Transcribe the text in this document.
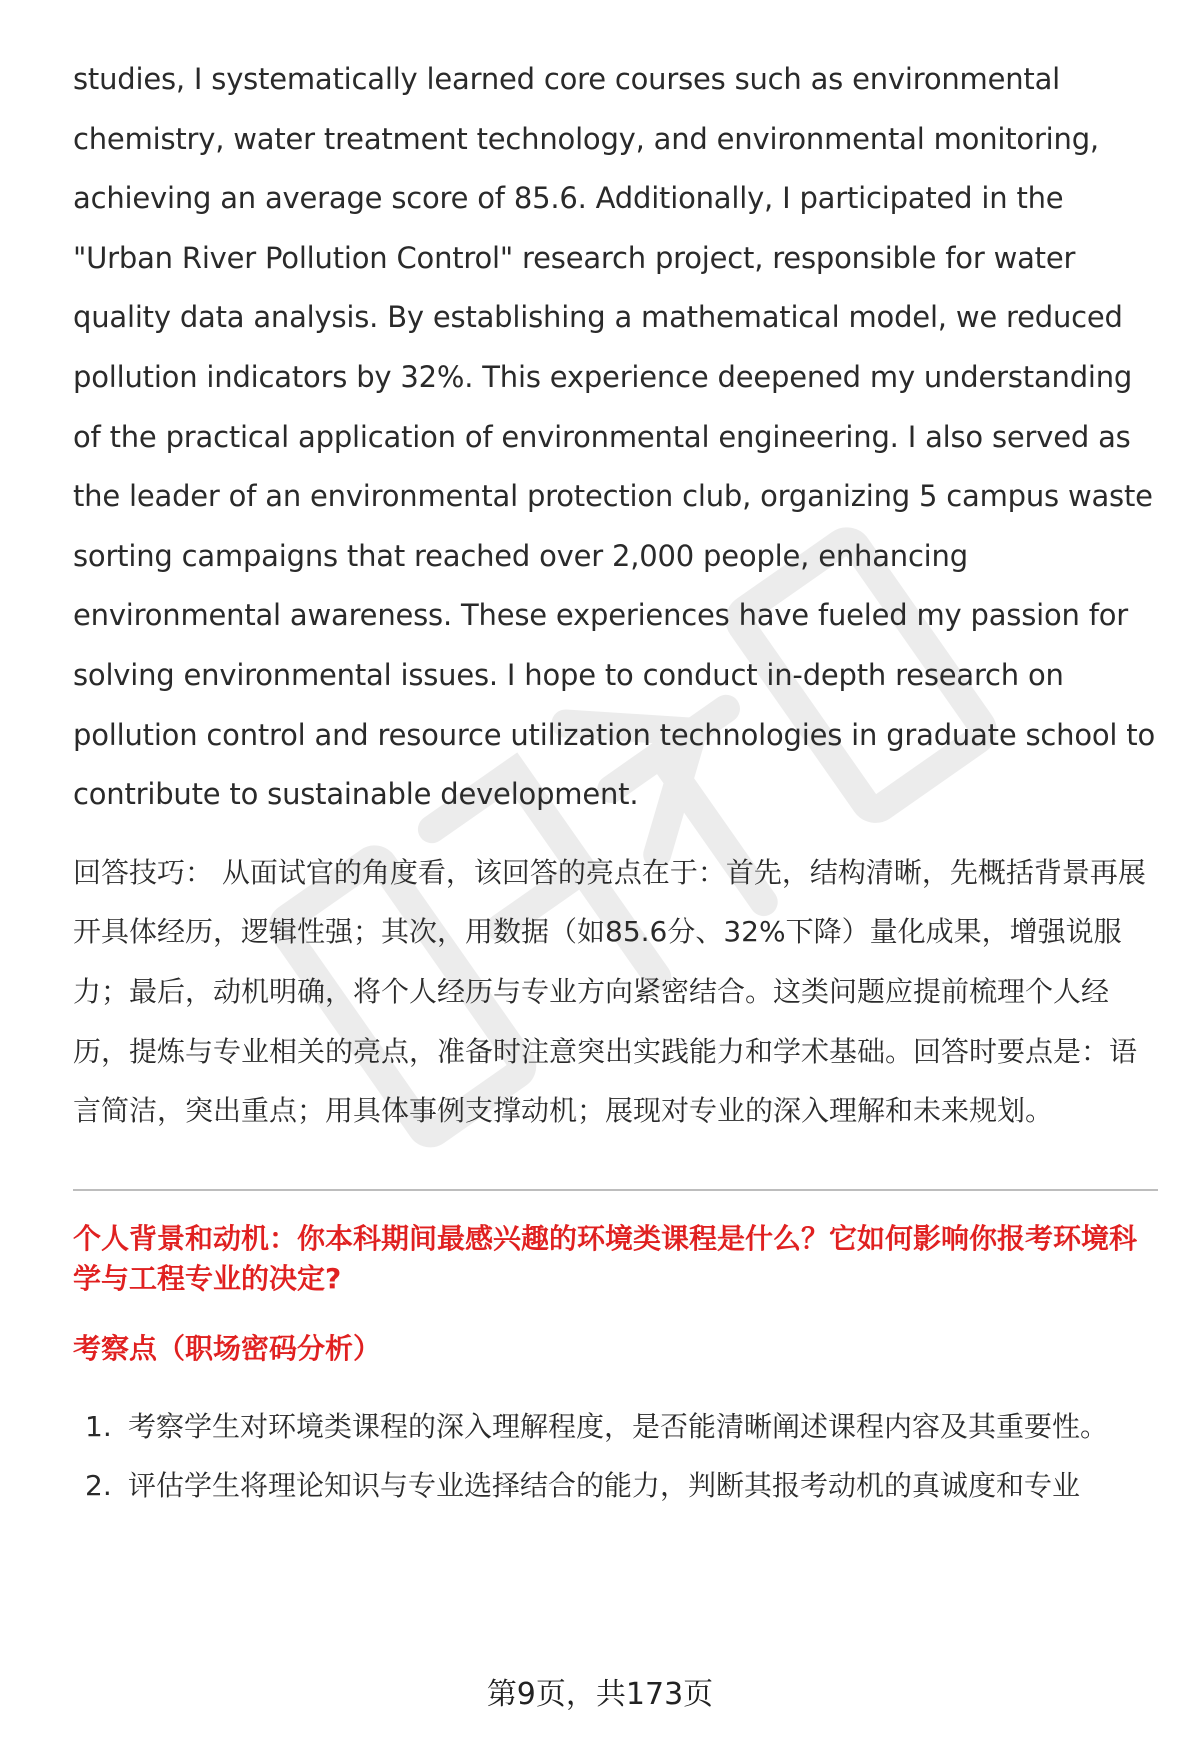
studies, I systematically learned core courses such as environmental chemistry, water treatment technology, and environmental monitoring, achieving an average score of 85.6. Additionally, I participated in the "Urban River Pollution Control" research project, responsible for water quality data analysis. By establishing a mathematical model, we reduced pollution indicators by 32%. This experience deepened my understanding of the practical application of environmental engineering. I also served as the leader of an environmental protection club, organizing 5 campus waste sorting campaigns that reached over 2,000 people, enhancing environmental awareness. These experiences have fueled my passion for solving environmental issues. I hope to conduct in-depth research on pollution control and resource utilization technologies in graduate school to contribute to sustainable development.

回答技巧： 从面试官的角度看，该回答的亮点在于：首先，结构清晰，先概括背景再展开具体经历，逻辑性强；其次，用数据（如85.6分、32%下降）量化成果，增强说服力；最后，动机明确，将个人经历与专业方向紧密结合。这类问题应提前梳理个人经历，提炼与专业相关的亮点，准备时注意突出实践能力和学术基础。回答时要点是：语言简洁，突出重点；用具体事例支撑动机；展现对专业的深入理解和未来规划。

个人背景和动机：你本科期间最感兴趣的环境类课程是什么？它如何影响你报考环境科学与工程专业的决定?
考察点（职场密码分析）
1. 考察学生对环境类课程的深入理解程度，是否能清晰阐述课程内容及其重要性。
2. 评估学生将理论知识与专业选择结合的能力，判断其报考动机的真诚度和专业
第9页，共173页
